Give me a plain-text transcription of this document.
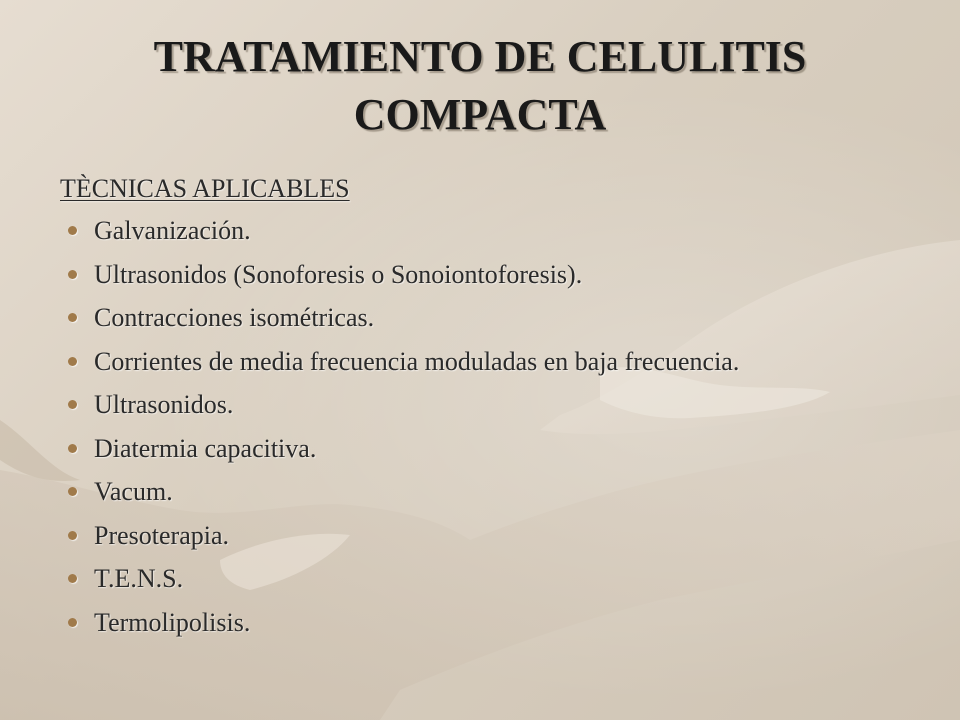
TRATAMIENTO DE CELULITIS COMPACTA

TÈCNICAS APLICABLES

Galvanización.
Ultrasonidos (Sonoforesis o Sonoiontoforesis).
Contracciones isométricas.
Corrientes de media frecuencia moduladas en baja frecuencia.
Ultrasonidos.
Diatermia capacitiva.
Vacum.
Presoterapia.
T.E.N.S.
Termolipolisis.
